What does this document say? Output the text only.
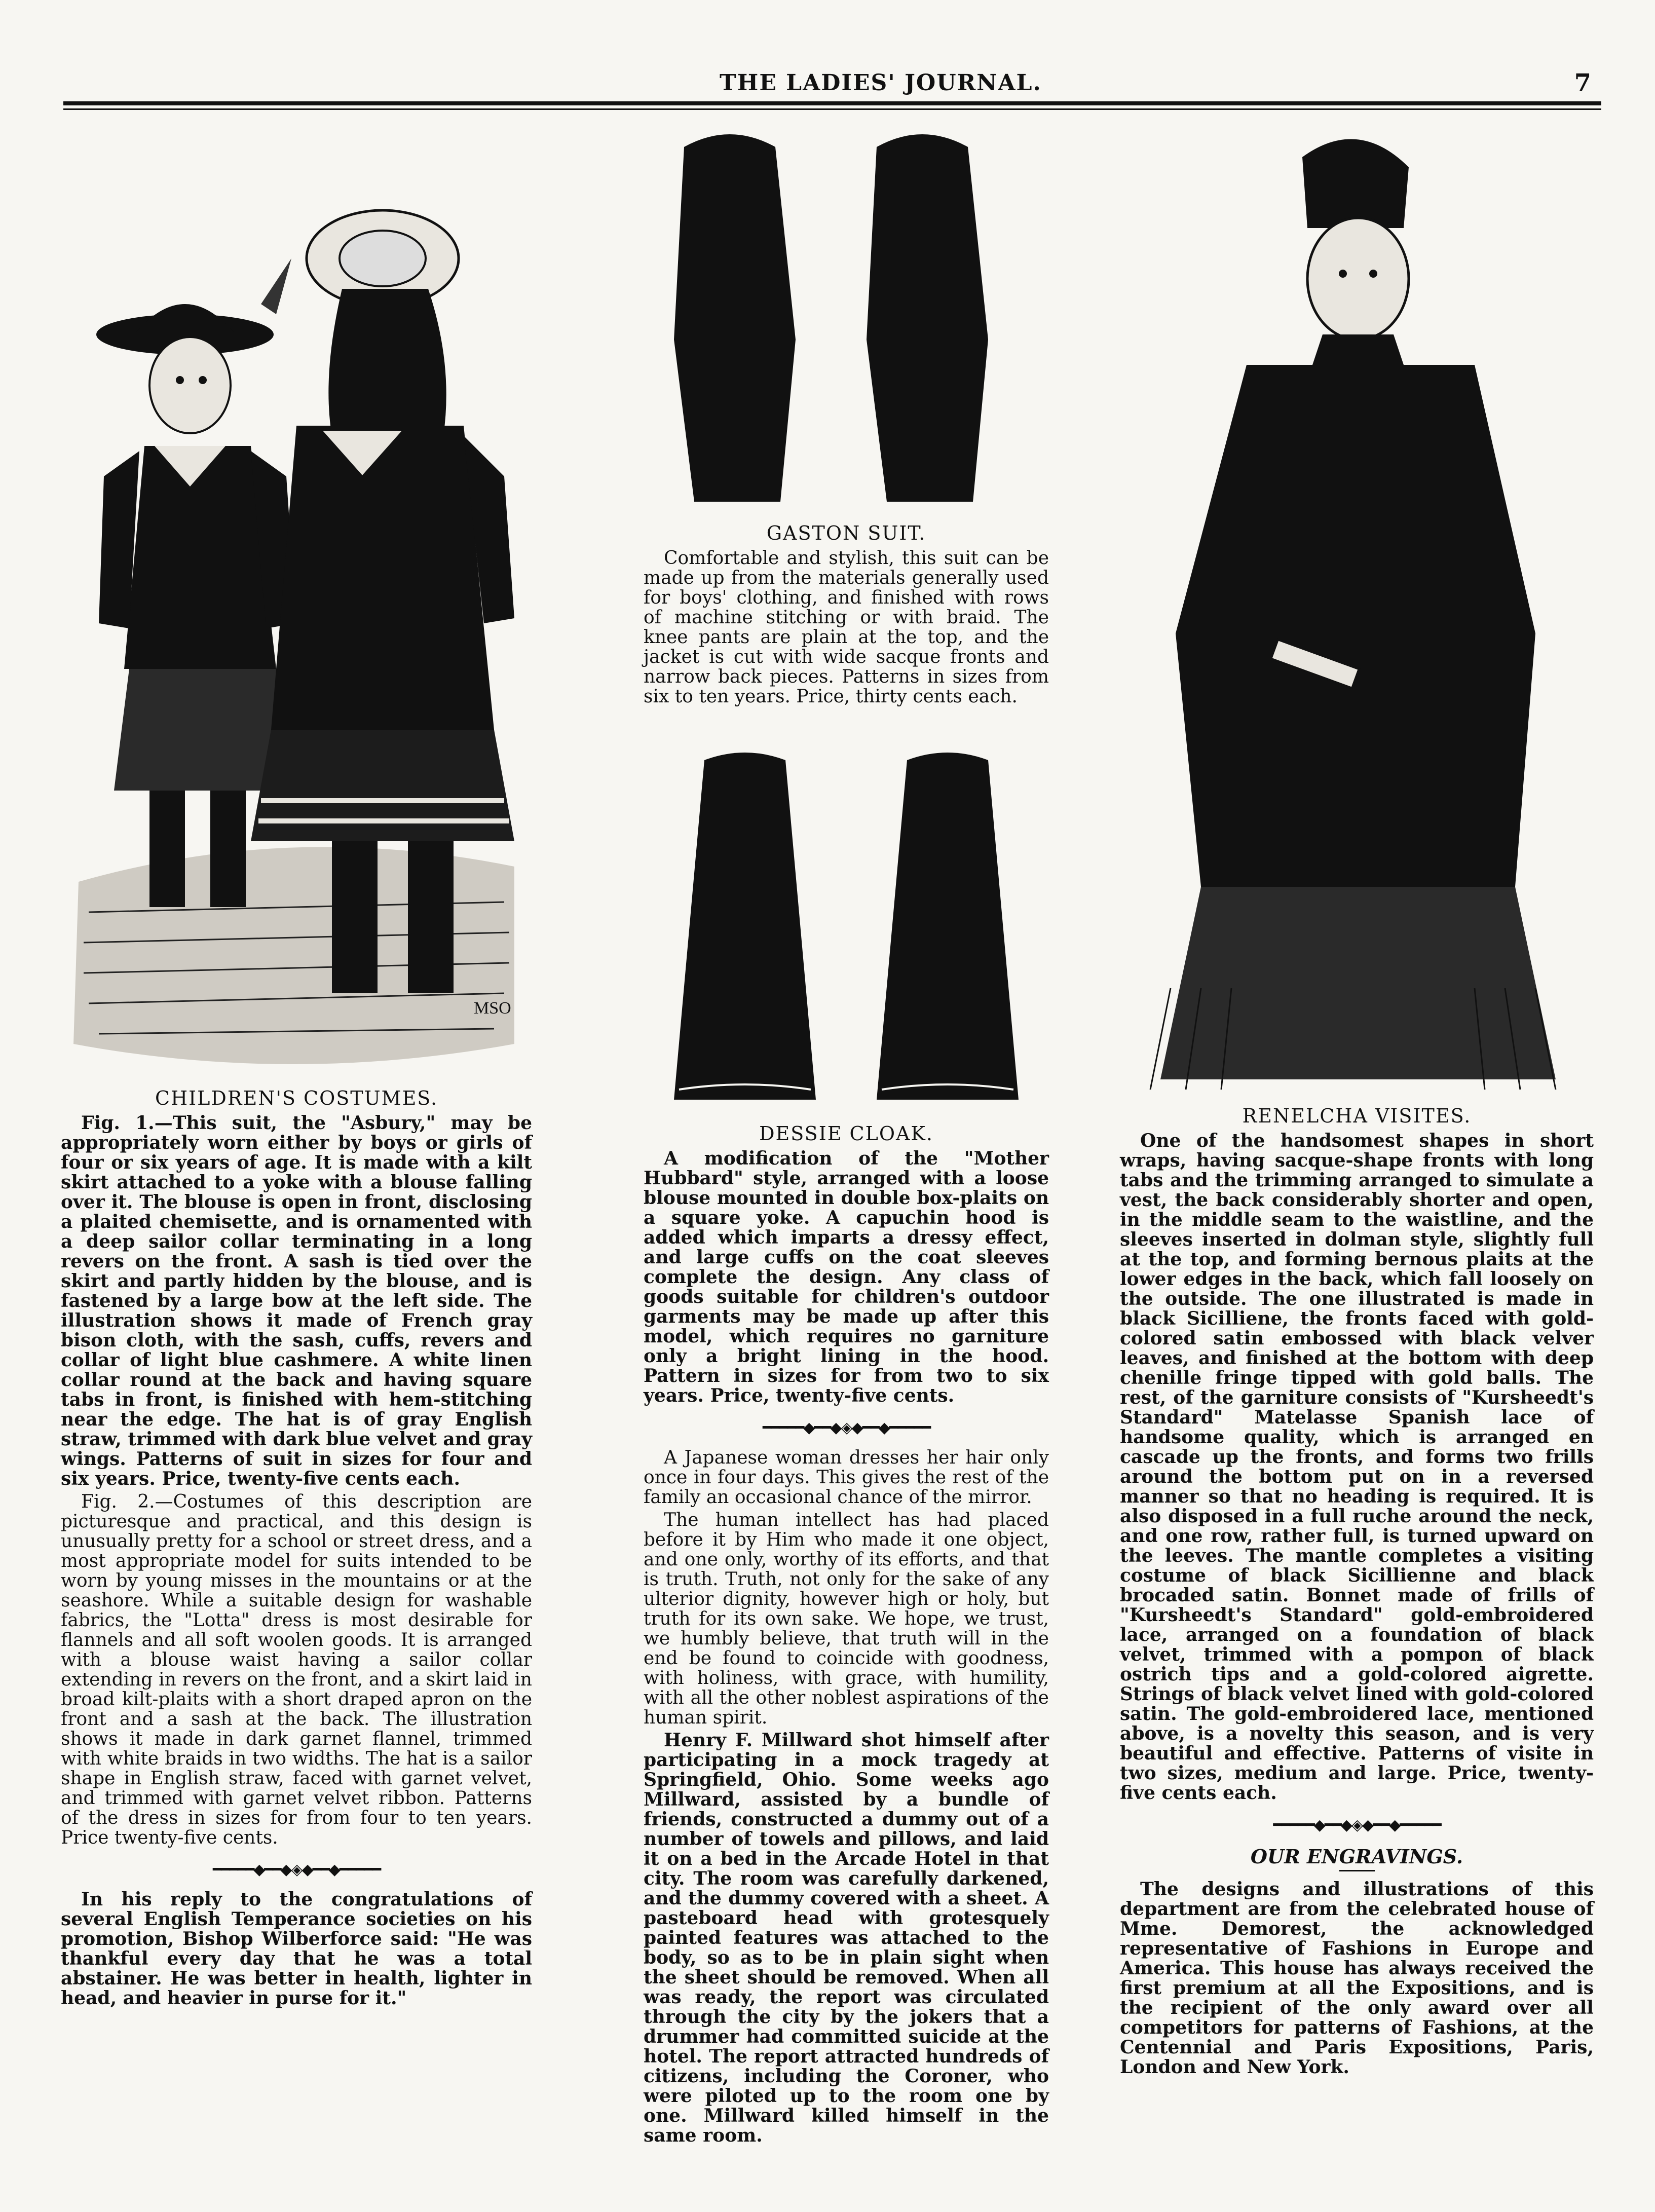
THE LADIES' JOURNAL.	7
MSO
CHILDREN'S COSTUMES.

Fig. 1.—This suit, the "Asbury," may be appropriately worn either by boys or girls of four or six years of age. It is made with a kilt skirt attached to a yoke with a blouse falling over it. The blouse is open in front, disclosing a plaited chemisette, and is ornamented with a deep sailor collar terminating in a long revers on the front. A sash is tied over the skirt and partly hidden by the blouse, and is fastened by a large bow at the left side. The illustration shows it made of French gray bison cloth, with the sash, cuffs, revers and collar of light blue cashmere. A white linen collar round at the back and having square tabs in front, is finished with hem-stitching near the edge. The hat is of gray English straw, trimmed with dark blue velvet and gray wings. Patterns of suit in sizes for four and six years. Price, twenty-five cents each.

Fig. 2.—Costumes of this description are picturesque and practical, and this design is unusually pretty for a school or street dress, and a most appropriate model for suits intended to be worn by young misses in the mountains or at the seashore. While a suitable design for washable fabrics, the "Lotta" dress is most desirable for flannels and all soft woolen goods. It is arranged with a blouse waist having a sailor collar extending in revers on the front, and a skirt laid in broad kilt-plaits with a short draped apron on the front and a sash at the back. The illustration shows it made in dark garnet flannel, trimmed with white braids in two widths. The hat is a sailor shape in English straw, faced with garnet velvet, and trimmed with garnet velvet ribbon. Patterns of the dress in sizes for from four to ten years. Price twenty-five cents.

━━━━━◆━━◆◈◆━━◆━━━━━

In his reply to the congratulations of several English Temperance societies on his promotion, Bishop Wilberforce said: "He was thankful every day that he was a total abstainer. He was better in health, lighter in head, and heavier in purse for it."

GASTON SUIT.

Comfortable and stylish, this suit can be made up from the materials generally used for boys' clothing, and finished with rows of machine stitching or with braid. The knee pants are plain at the top, and the jacket is cut with wide sacque fronts and narrow back pieces. Patterns in sizes from six to ten years. Price, thirty cents each.

DESSIE CLOAK.

A modification of the "Mother Hubbard" style, arranged with a loose blouse mounted in double box-plaits on a square yoke. A capuchin hood is added which imparts a dressy effect, and large cuffs on the coat sleeves complete the design. Any class of goods suitable for children's outdoor garments may be made up after this model, which requires no garniture only a bright lining in the hood. Pattern in sizes for from two to six years. Price, twenty-five cents.

━━━━━◆━━◆◈◆━━◆━━━━━

A Japanese woman dresses her hair only once in four days. This gives the rest of the family an occasional chance of the mirror.

The human intellect has had placed before it by Him who made it one object, and one only, worthy of its efforts, and that is truth. Truth, not only for the sake of any ulterior dignity, however high or holy, but truth for its own sake. We hope, we trust, we humbly believe, that truth will in the end be found to coincide with goodness, with holiness, with grace, with humility, with all the other noblest aspirations of the human spirit.

Henry F. Millward shot himself after participating in a mock tragedy at Springfield, Ohio. Some weeks ago Millward, assisted by a bundle of friends, constructed a dummy out of a number of towels and pillows, and laid it on a bed in the Arcade Hotel in that city. The room was carefully darkened, and the dummy covered with a sheet. A pasteboard head with grotesquely painted features was attached to the body, so as to be in plain sight when the sheet should be removed. When all was ready, the report was circulated through the city by the jokers that a drummer had committed suicide at the hotel. The report attracted hundreds of citizens, including the Coroner, who were piloted up to the room one by one. Millward killed himself in the same room.

RENELCHA VISITES.

One of the handsomest shapes in short wraps, having sacque-shape fronts with long tabs and the trimming arranged to simulate a vest, the back considerably shorter and open, in the middle seam to the waistline, and the sleeves inserted in dolman style, slightly full at the top, and forming bernous plaits at the lower edges in the back, which fall loosely on the outside. The one illustrated is made in black Sicilliene, the fronts faced with gold-colored satin embossed with black velver leaves, and finished at the bottom with deep chenille fringe tipped with gold balls. The rest, of the garniture consists of "Kursheedt's Standard" Matelasse Spanish lace of handsome quality, which is arranged en cascade up the fronts, and forms two frills around the bottom put on in a reversed manner so that no heading is required. It is also disposed in a full ruche around the neck, and one row, rather full, is turned upward on the leeves. The mantle completes a visiting costume of black Sicillienne and black brocaded satin. Bonnet made of frills of "Kursheedt's Standard" gold-embroidered lace, arranged on a foundation of black velvet, trimmed with a pompon of black ostrich tips and a gold-colored aigrette. Strings of black velvet lined with gold-colored satin. The gold-embroidered lace, mentioned above, is a novelty this season, and is very beautiful and effective. Patterns of visite in two sizes, medium and large. Price, twenty-five cents each.

━━━━━◆━━◆◈◆━━◆━━━━━
OUR ENGRAVINGS.

The designs and illustrations of this department are from the celebrated house of Mme. Demorest, the acknowledged representative of Fashions in Europe and America. This house has always received the first premium at all the Expositions, and is the recipient of the only award over all competitors for patterns of Fashions, at the Centennial and Paris Expositions, Paris, London and New York.
